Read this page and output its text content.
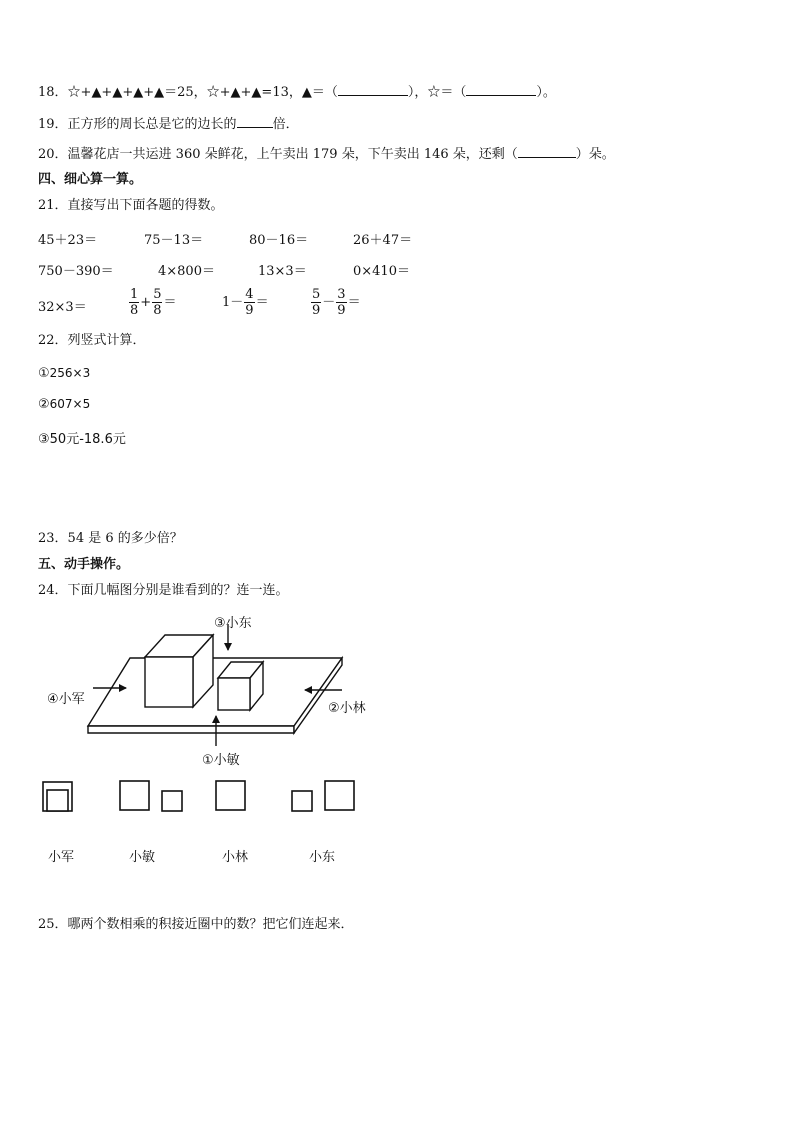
18．☆+▲+▲+▲+▲＝25，☆+▲+▲=13，▲＝（	），☆＝（	）。
19．正方形的周长总是它的边长的	倍．
20．温馨花店一共运进 360 朵鲜花，上午卖出 179 朵，下午卖出 146 朵，还剩（	）朵。
四、细心算一算。
21．直接写出下面各题的得数。
45＋23＝	75－13＝	80－16＝	26＋47＝
750－390＝	4×800＝	13×3＝	0×410＝
32×3＝	$\frac{1}{8} + \frac{5}{8}$ ＝	$1- \frac{4}{9}$ ＝	$\frac{5}{9} - \frac{3}{9}$ ＝
22．列竖式计算．
①256×3
②607×5
③50元-18.6元
23．54 是 6 的多少倍？
五、动手操作。
24．下面几幅图分别是谁看到的？连一连。
③小东
④小军
②小林
①小敏
小军	小敏	小林	小东
25．哪两个数相乘的积接近圈中的数？把它们连起来．
